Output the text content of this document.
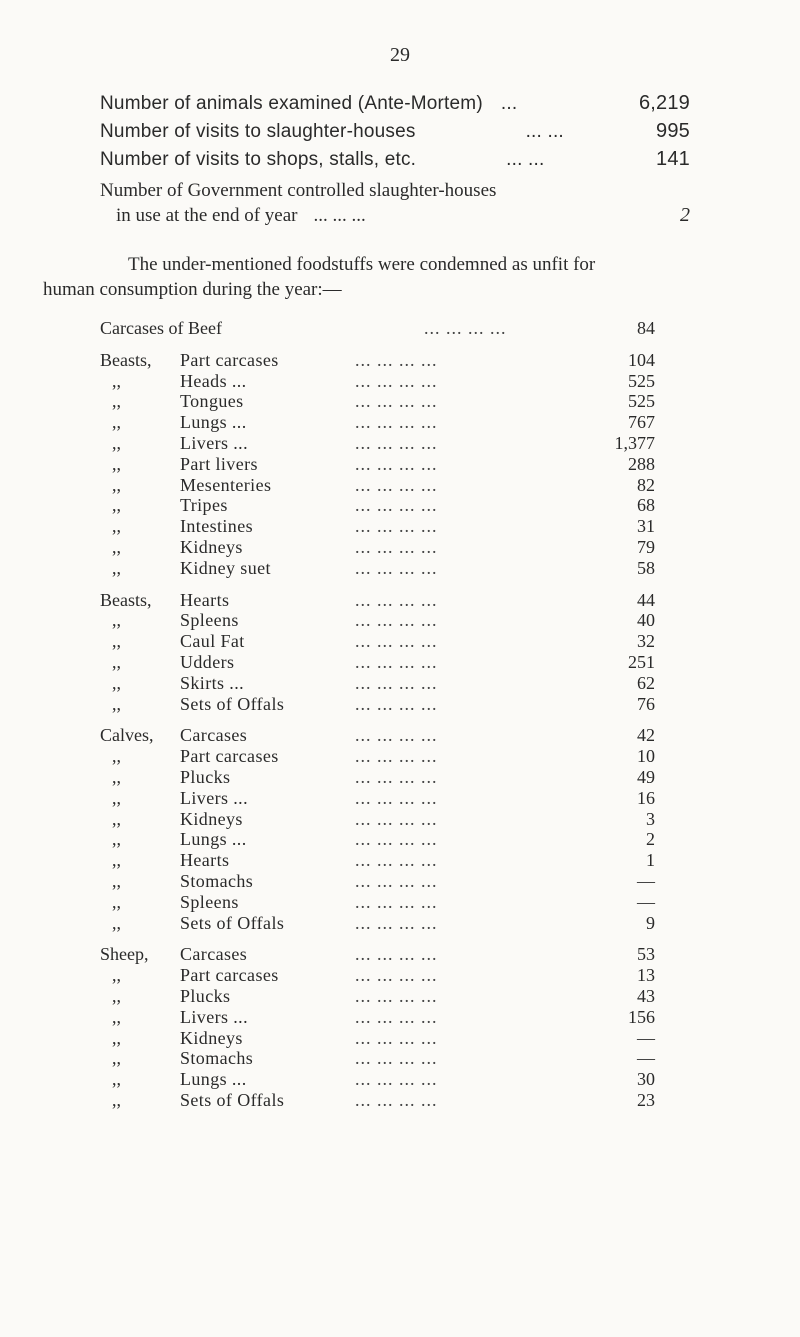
29
Number of animals examined (Ante-Mortem) ...	6,219
Number of visits to slaughter-houses	... ...	995
Number of visits to shops, stalls, etc.	... ...	141
Number of Government controlled slaughter-houses
in use at the end of year ... ... ...	2

The under-mentioned foodstuffs were condemned as unfit for

human consumption during the year:—

Carcases of Beef	... ... ... ...	84
Beasts,	Part carcases	... ... ... ...	104
,,	Heads ...	... ... ... ...	525
,,	Tongues	... ... ... ...	525
,,	Lungs ...	... ... ... ...	767
,,	Livers ...	... ... ... ...	1,377
,,	Part livers	... ... ... ...	288
,,	Mesenteries	... ... ... ...	82
,,	Tripes	... ... ... ...	68
,,	Intestines	... ... ... ...	31
,,	Kidneys	... ... ... ...	79
,,	Kidney suet	... ... ... ...	58
Beasts,	Hearts	... ... ... ...	44
,,	Spleens	... ... ... ...	40
,,	Caul Fat	... ... ... ...	32
,,	Udders	... ... ... ...	251
,,	Skirts ...	... ... ... ...	62
,,	Sets of Offals	... ... ... ...	76
Calves,	Carcases	... ... ... ...	42
,,	Part carcases	... ... ... ...	10
,,	Plucks	... ... ... ...	49
,,	Livers ...	... ... ... ...	16
,,	Kidneys	... ... ... ...	3
,,	Lungs ...	... ... ... ...	2
,,	Hearts	... ... ... ...	1
,,	Stomachs	... ... ... ...	—
,,	Spleens	... ... ... ...	—
,,	Sets of Offals	... ... ... ...	9
Sheep,	Carcases	... ... ... ...	53
,,	Part carcases	... ... ... ...	13
,,	Plucks	... ... ... ...	43
,,	Livers ...	... ... ... ...	156
,,	Kidneys	... ... ... ...	—
,,	Stomachs	... ... ... ...	—
,,	Lungs ...	... ... ... ...	30
,,	Sets of Offals	... ... ... ...	23
